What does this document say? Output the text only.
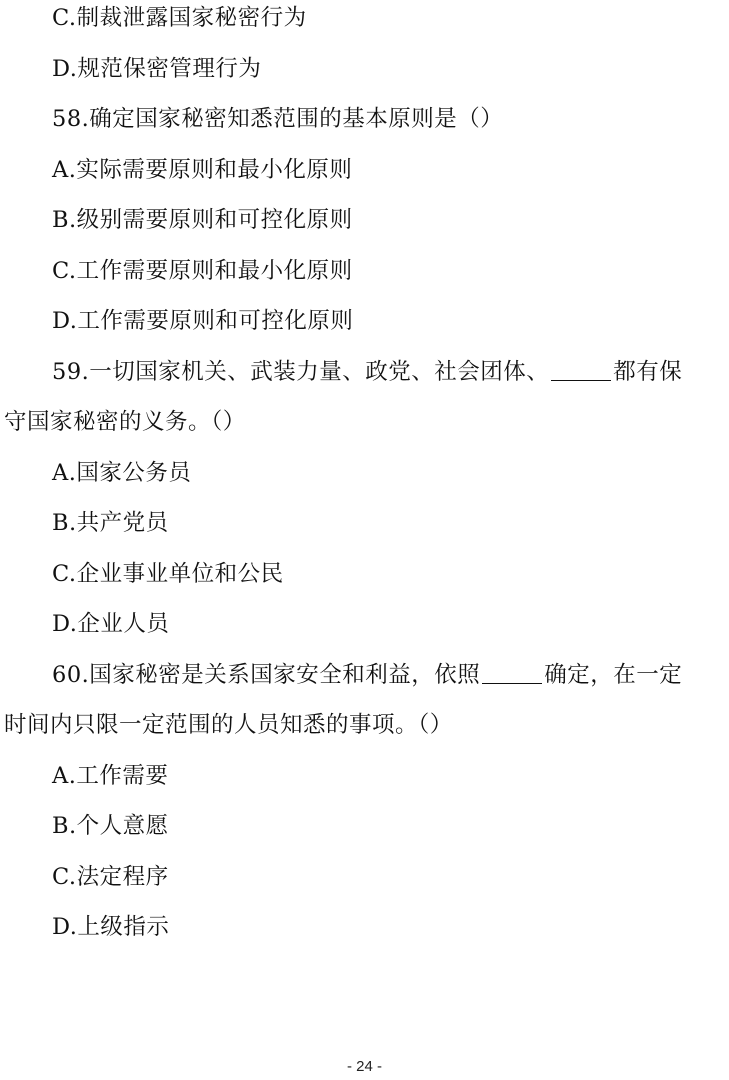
C.制裁泄露国家秘密行为
D.规范保密管理行为
58.确定国家秘密知悉范围的基本原则是（）
A.实际需要原则和最小化原则
B.级别需要原则和可控化原则
C.工作需要原则和最小化原则
D.工作需要原则和可控化原则
59.一切国家机关、武装力量、政党、社会团体、	都有保
守国家秘密的义务。（）
A.国家公务员
B.共产党员
C.企业事业单位和公民
D.企业人员
60.国家秘密是关系国家安全和利益，依照	确定，在一定
时间内只限一定范围的人员知悉的事项。（）
A.工作需要
B.个人意愿
C.法定程序
D.上级指示
- 24 -
